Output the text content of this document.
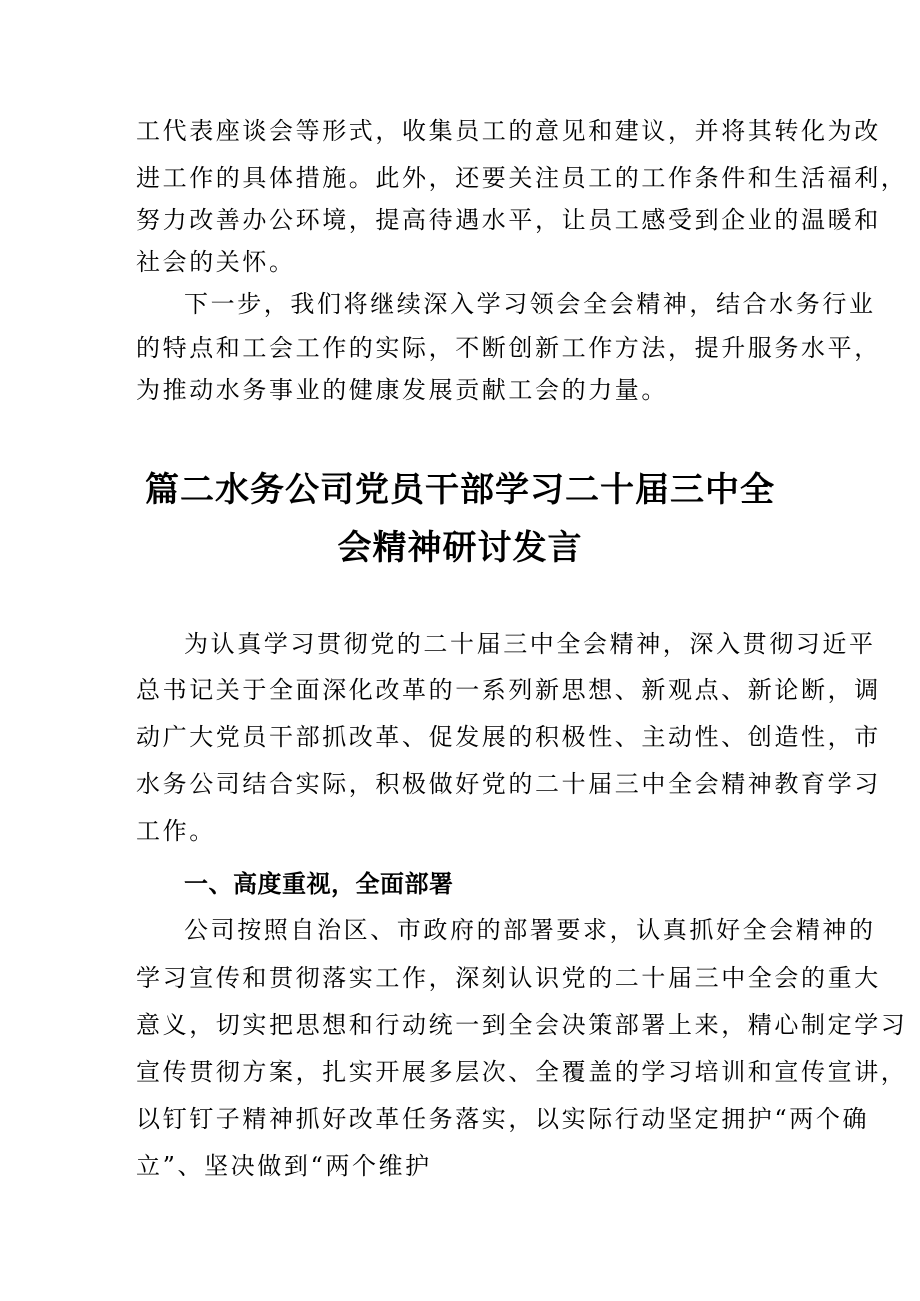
工代表座谈会等形式，收集员工的意见和建议，并将其转化为改

进工作的具体措施。此外，还要关注员工的工作条件和生活福利，

努力改善办公环境，提高待遇水平，让员工感受到企业的温暖和

社会的关怀。

下一步，我们将继续深入学习领会全会精神，结合水务行业

的特点和工会工作的实际，不断创新工作方法，提升服务水平，

为推动水务事业的健康发展贡献工会的力量。

篇二水务公司党员干部学习二十届三中全
会精神研讨发言

为认真学习贯彻党的二十届三中全会精神，深入贯彻习近平

总书记关于全面深化改革的一系列新思想、新观点、新论断，调

动广大党员干部抓改革、促发展的积极性、主动性、创造性，市

水务公司结合实际，积极做好党的二十届三中全会精神教育学习

工作。

一、高度重视，全面部署

公司按照自治区、市政府的部署要求，认真抓好全会精神的

学习宣传和贯彻落实工作，深刻认识党的二十届三中全会的重大

意义，切实把思想和行动统一到全会决策部署上来，精心制定学习

宣传贯彻方案，扎实开展多层次、全覆盖的学习培训和宣传宣讲，

以钉钉子精神抓好改革任务落实，以实际行动坚定拥护“两个确

立”、坚决做到“两个维护
